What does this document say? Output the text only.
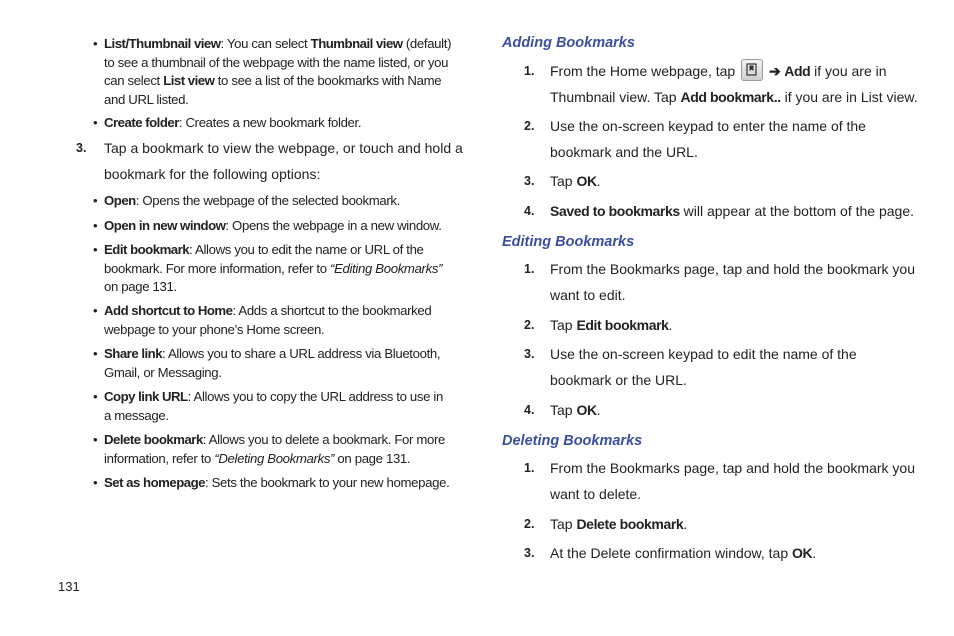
• List/Thumbnail view: You can select Thumbnail view (default) to see a thumbnail of the webpage with the name listed, or you can select List view to see a list of the bookmarks with Name and URL listed.
• Create folder: Creates a new bookmark folder.
3. Tap a bookmark to view the webpage, or touch and hold a bookmark for the following options:
• Open: Opens the webpage of the selected bookmark.
• Open in new window: Opens the webpage in a new window.
• Edit bookmark: Allows you to edit the name or URL of the bookmark. For more information, refer to “Editing Bookmarks” on page 131.
• Add shortcut to Home: Adds a shortcut to the bookmarked webpage to your phone’s Home screen.
• Share link: Allows you to share a URL address via Bluetooth, Gmail, or Messaging.
• Copy link URL: Allows you to copy the URL address to use in a message.
• Delete bookmark: Allows you to delete a bookmark. For more information, refer to “Deleting Bookmarks” on page 131.
• Set as homepage: Sets the bookmark to your new homepage.
Adding Bookmarks
1. From the Home webpage, tap
➔ Add if you are in Thumbnail view. Tap Add bookmark.. if you are in List view.
2. Use the on-screen keypad to enter the name of the bookmark and the URL.
3. Tap OK.
4. Saved to bookmarks will appear at the bottom of the page.
Editing Bookmarks
1. From the Bookmarks page, tap and hold the bookmark you want to edit.
2. Tap Edit bookmark.
3. Use the on-screen keypad to edit the name of the bookmark or the URL.
4. Tap OK.
Deleting Bookmarks
1. From the Bookmarks page, tap and hold the bookmark you want to delete.
2. Tap Delete bookmark.
3. At the Delete confirmation window, tap OK.
131
